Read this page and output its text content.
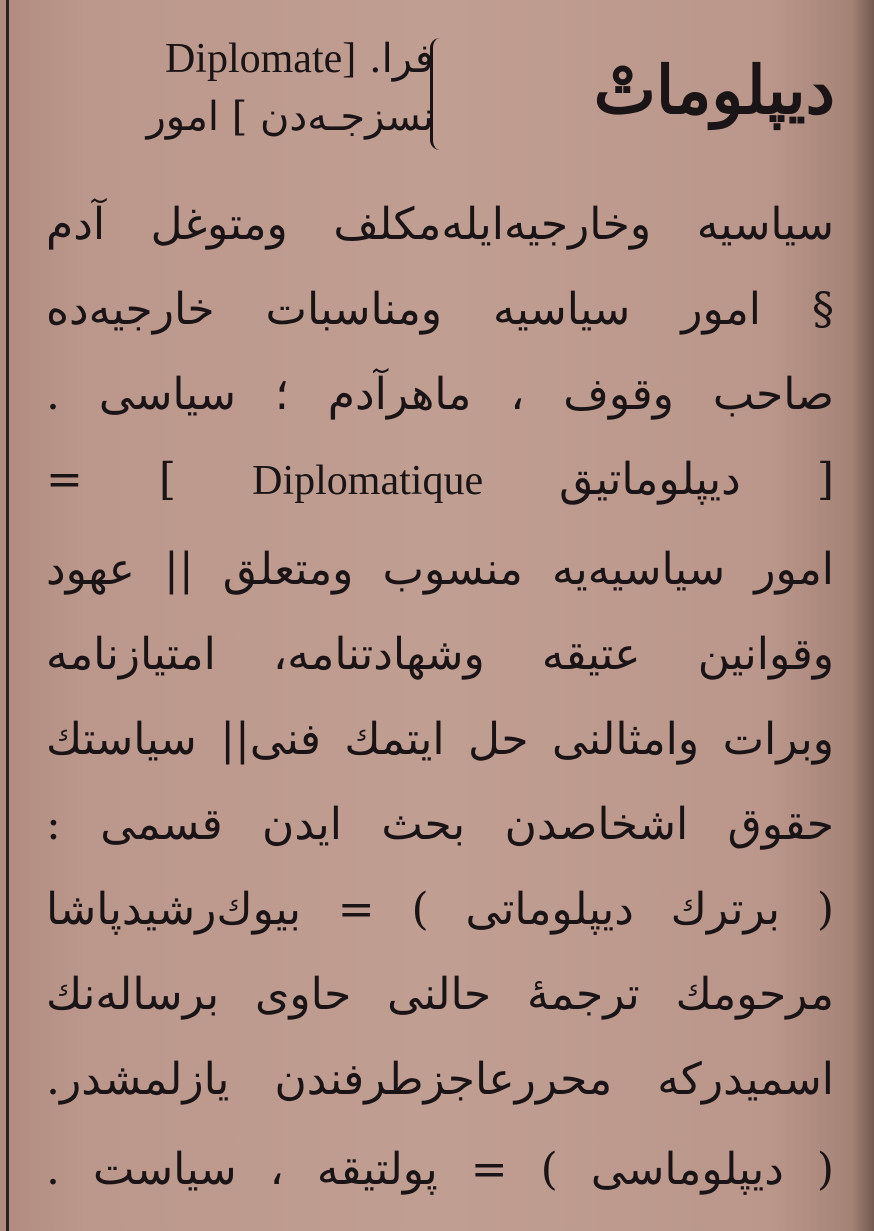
دیپلوماتْ
فرا. Diplomate]
نسزجـه‌دن ] امور
سیاسیه وخارجیه‌ایله‌مکلف ومتوغل آدم
§ امور سیاسیه ومناسبات خارجیه‌ده
صاحب وقوف ، ماهرآدم ؛ سیاسی .
[ دیپلوماتیق Diplomatique ] =
امور سیاسیه‌یه منسوب ومتعلق || عهود
وقوانین عتیقه وشهادتنامه، امتیازنامه
وبرات وامثالنی حل ایتمك فنی|| سیاستك
حقوق اشخاصدن بحث ایدن قسمی :
( برترك دیپلوماتی ) = بیوك‌رشیدپاشا
مرحومك ترجمهٔ حالنی حاوی برساله‌نك
اسمیدرکه محررعاجزطرفندن یازلمشدر.
( دیپلوماسی ) = پولتیقه ، سیاست .
